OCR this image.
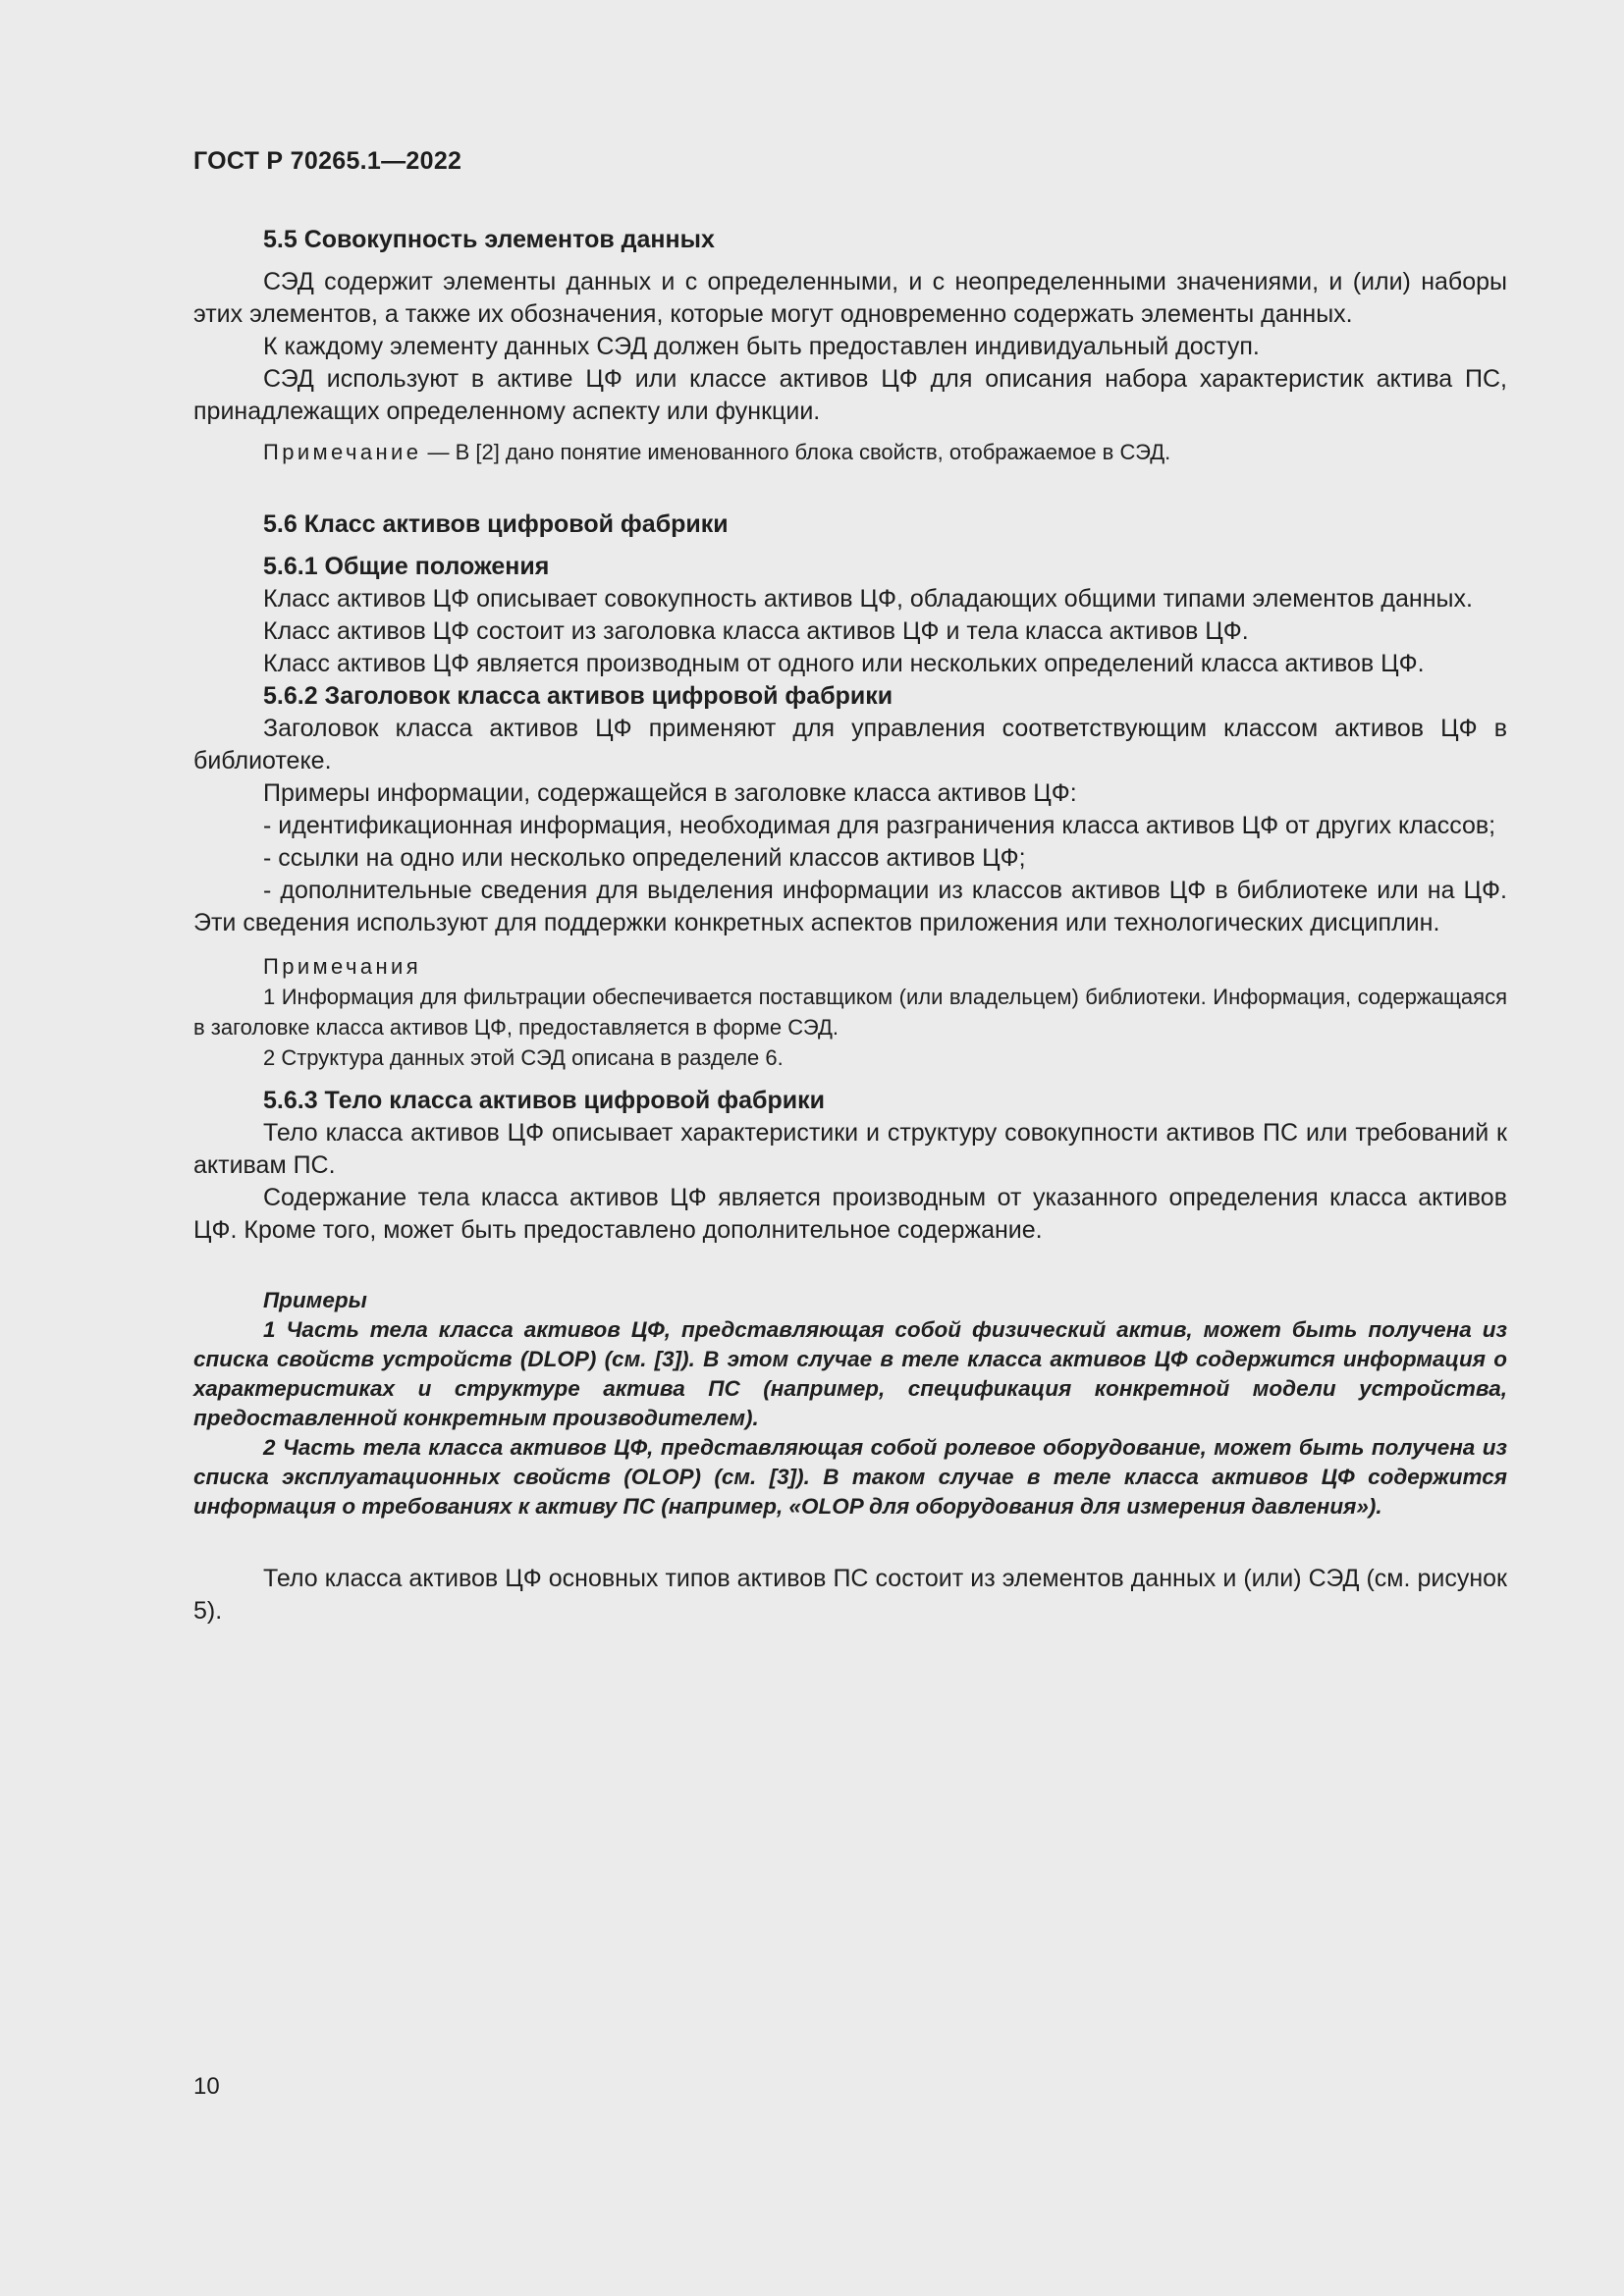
ГОСТ Р 70265.1—2022

5.5 Совокупность элементов данных

СЭД содержит элементы данных и с определенными, и с неопределенными значениями, и (или) наборы этих элементов, а также их обозначения, которые могут одновременно содержать элементы данных.

К каждому элементу данных СЭД должен быть предоставлен индивидуальный доступ.

СЭД используют в активе ЦФ или классе активов ЦФ для описания набора характеристик актива ПС, принадлежащих определенному аспекту или функции.

Примечание — В [2] дано понятие именованного блока свойств, отображаемое в СЭД.

5.6 Класс активов цифровой фабрики

5.6.1 Общие положения

Класс активов ЦФ описывает совокупность активов ЦФ, обладающих общими типами элементов данных.

Класс активов ЦФ состоит из заголовка класса активов ЦФ и тела класса активов ЦФ.

Класс активов ЦФ является производным от одного или нескольких определений класса активов ЦФ.

5.6.2 Заголовок класса активов цифровой фабрики

Заголовок класса активов ЦФ применяют для управления соответствующим классом активов ЦФ в библиотеке.

Примеры информации, содержащейся в заголовке класса активов ЦФ:

- идентификационная информация, необходимая для разграничения класса активов ЦФ от других классов;

- ссылки на одно или несколько определений классов активов ЦФ;

- дополнительные сведения для выделения информации из классов активов ЦФ в библиотеке или на ЦФ. Эти сведения используют для поддержки конкретных аспектов приложения или технологических дисциплин.

Примечания

1 Информация для фильтрации обеспечивается поставщиком (или владельцем) библиотеки. Информация, содержащаяся в заголовке класса активов ЦФ, предоставляется в форме СЭД.

2 Структура данных этой СЭД описана в разделе 6.

5.6.3 Тело класса активов цифровой фабрики

Тело класса активов ЦФ описывает характеристики и структуру совокупности активов ПС или требований к активам ПС.

Содержание тела класса активов ЦФ является производным от указанного определения класса активов ЦФ. Кроме того, может быть предоставлено дополнительное содержание.

Примеры

1 Часть тела класса активов ЦФ, представляющая собой физический актив, может быть получена из списка свойств устройств (DLOP) (см. [3]). В этом случае в теле класса активов ЦФ содержится информация о характеристиках и структуре актива ПС (например, спецификация конкретной модели устройства, предоставленной конкретным производителем).

2 Часть тела класса активов ЦФ, представляющая собой ролевое оборудование, может быть получена из списка эксплуатационных свойств (OLOP) (см. [3]). В таком случае в теле класса активов ЦФ содержится информация о требованиях к активу ПС (например, «OLOP для оборудования для измерения давления»).

Тело класса активов ЦФ основных типов активов ПС состоит из элементов данных и (или) СЭД (см. рисунок 5).

10
